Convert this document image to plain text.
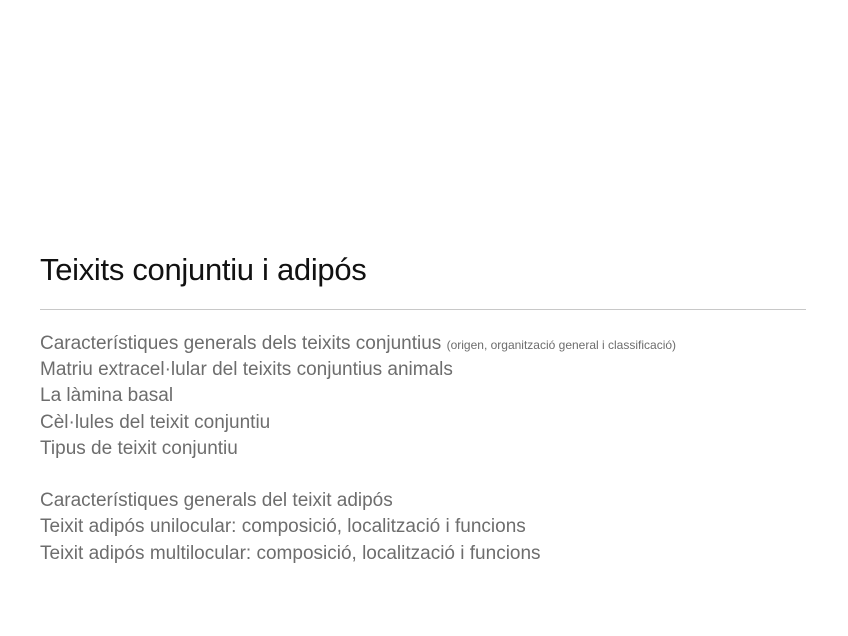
Teixits conjuntiu i adipós
Característiques generals dels teixits conjuntius (origen, organització general i classificació)
Matriu extracel·lular del teixits conjuntius animals
La làmina basal
Cèl·lules del teixit conjuntiu
Tipus de teixit conjuntiu
Característiques generals del teixit adipós
Teixit adipós unilocular: composició, localització i funcions
Teixit adipós multilocular: composició, localització i funcions
